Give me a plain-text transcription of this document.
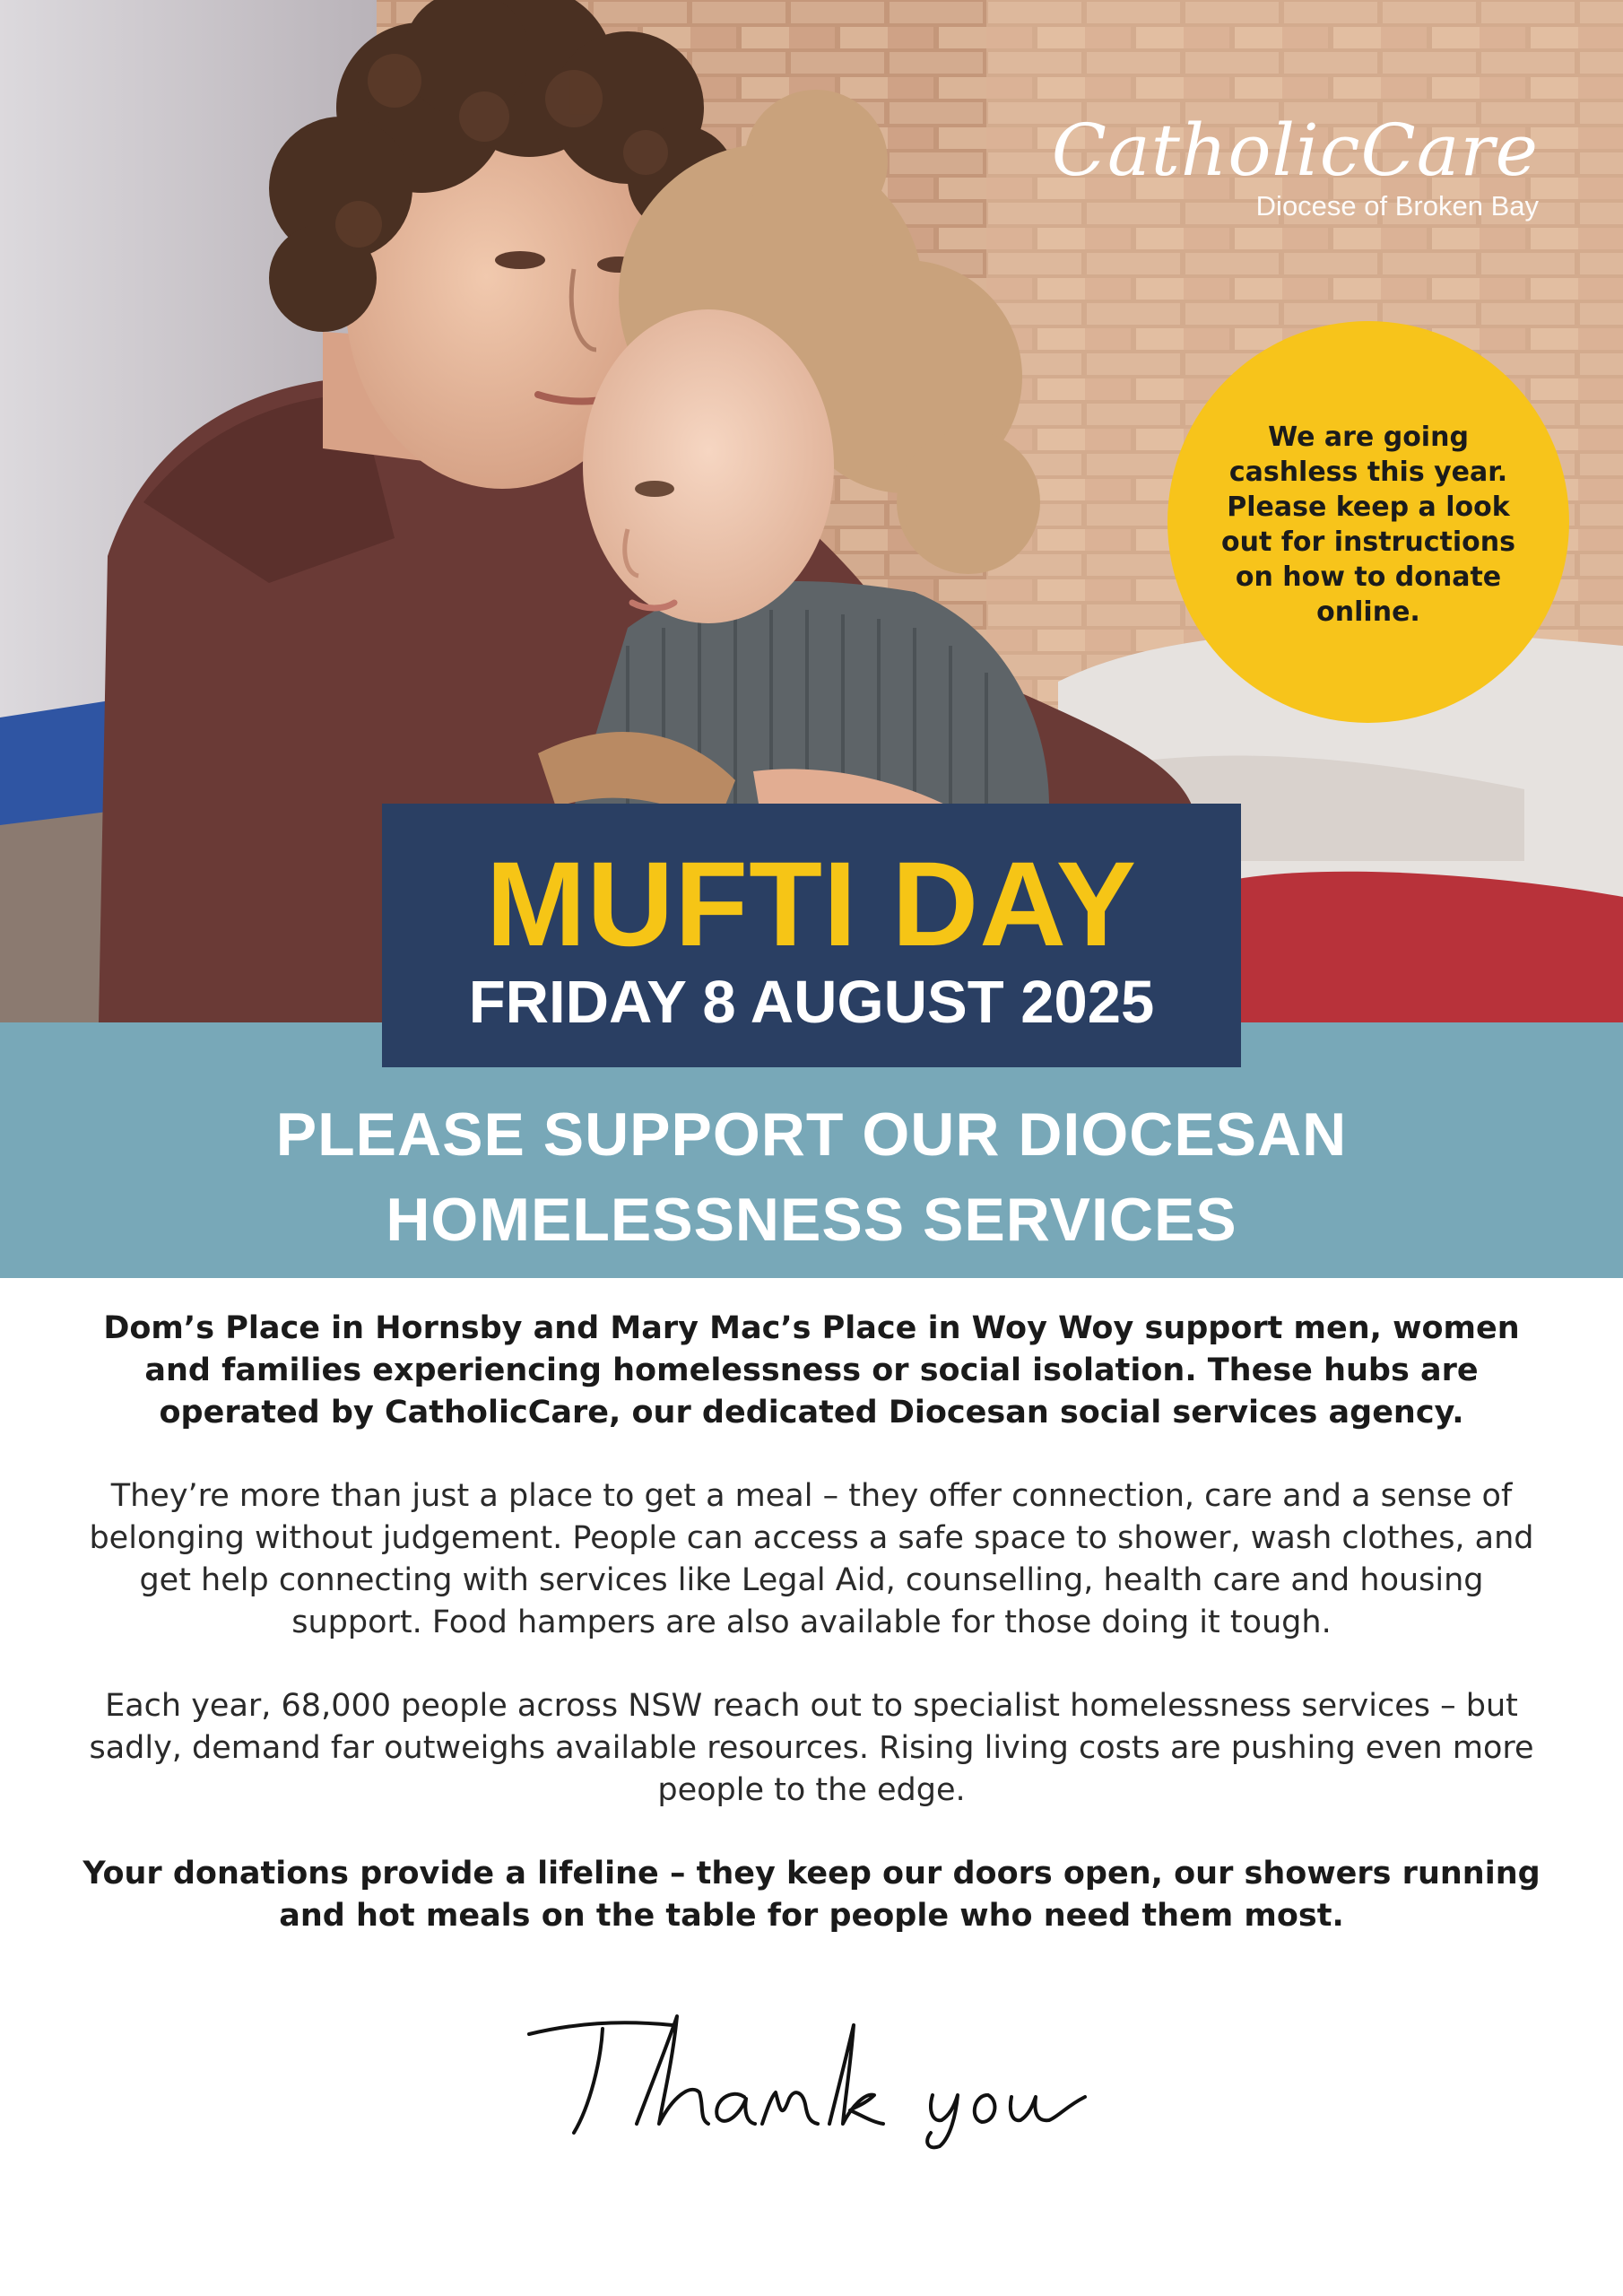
CatholicCare
Diocese of Broken Bay
We are going cashless this year. Please keep a look out for instructions on how to donate online.
MUFTI DAY
FRIDAY 8 AUGUST 2025
PLEASE SUPPORT OUR DIOCESAN HOMELESSNESS SERVICES

Dom’s Place in Hornsby and Mary Mac’s Place in Woy Woy support men, women and families experiencing homelessness or social isolation. These hubs are operated by CatholicCare, our dedicated Diocesan social services agency.

They’re more than just a place to get a meal – they offer connection, care and a sense of belonging without judgement. People can access a safe space to shower, wash clothes, and get help connecting with services like Legal Aid, counselling, health care and housing support. Food hampers are also available for those doing it tough.

Each year, 68,000 people across NSW reach out to specialist homelessness services – but sadly, demand far outweighs available resources. Rising living costs are pushing even more people to the edge.

Your donations provide a lifeline – they keep our doors open, our showers running and hot meals on the table for people who need them most.
